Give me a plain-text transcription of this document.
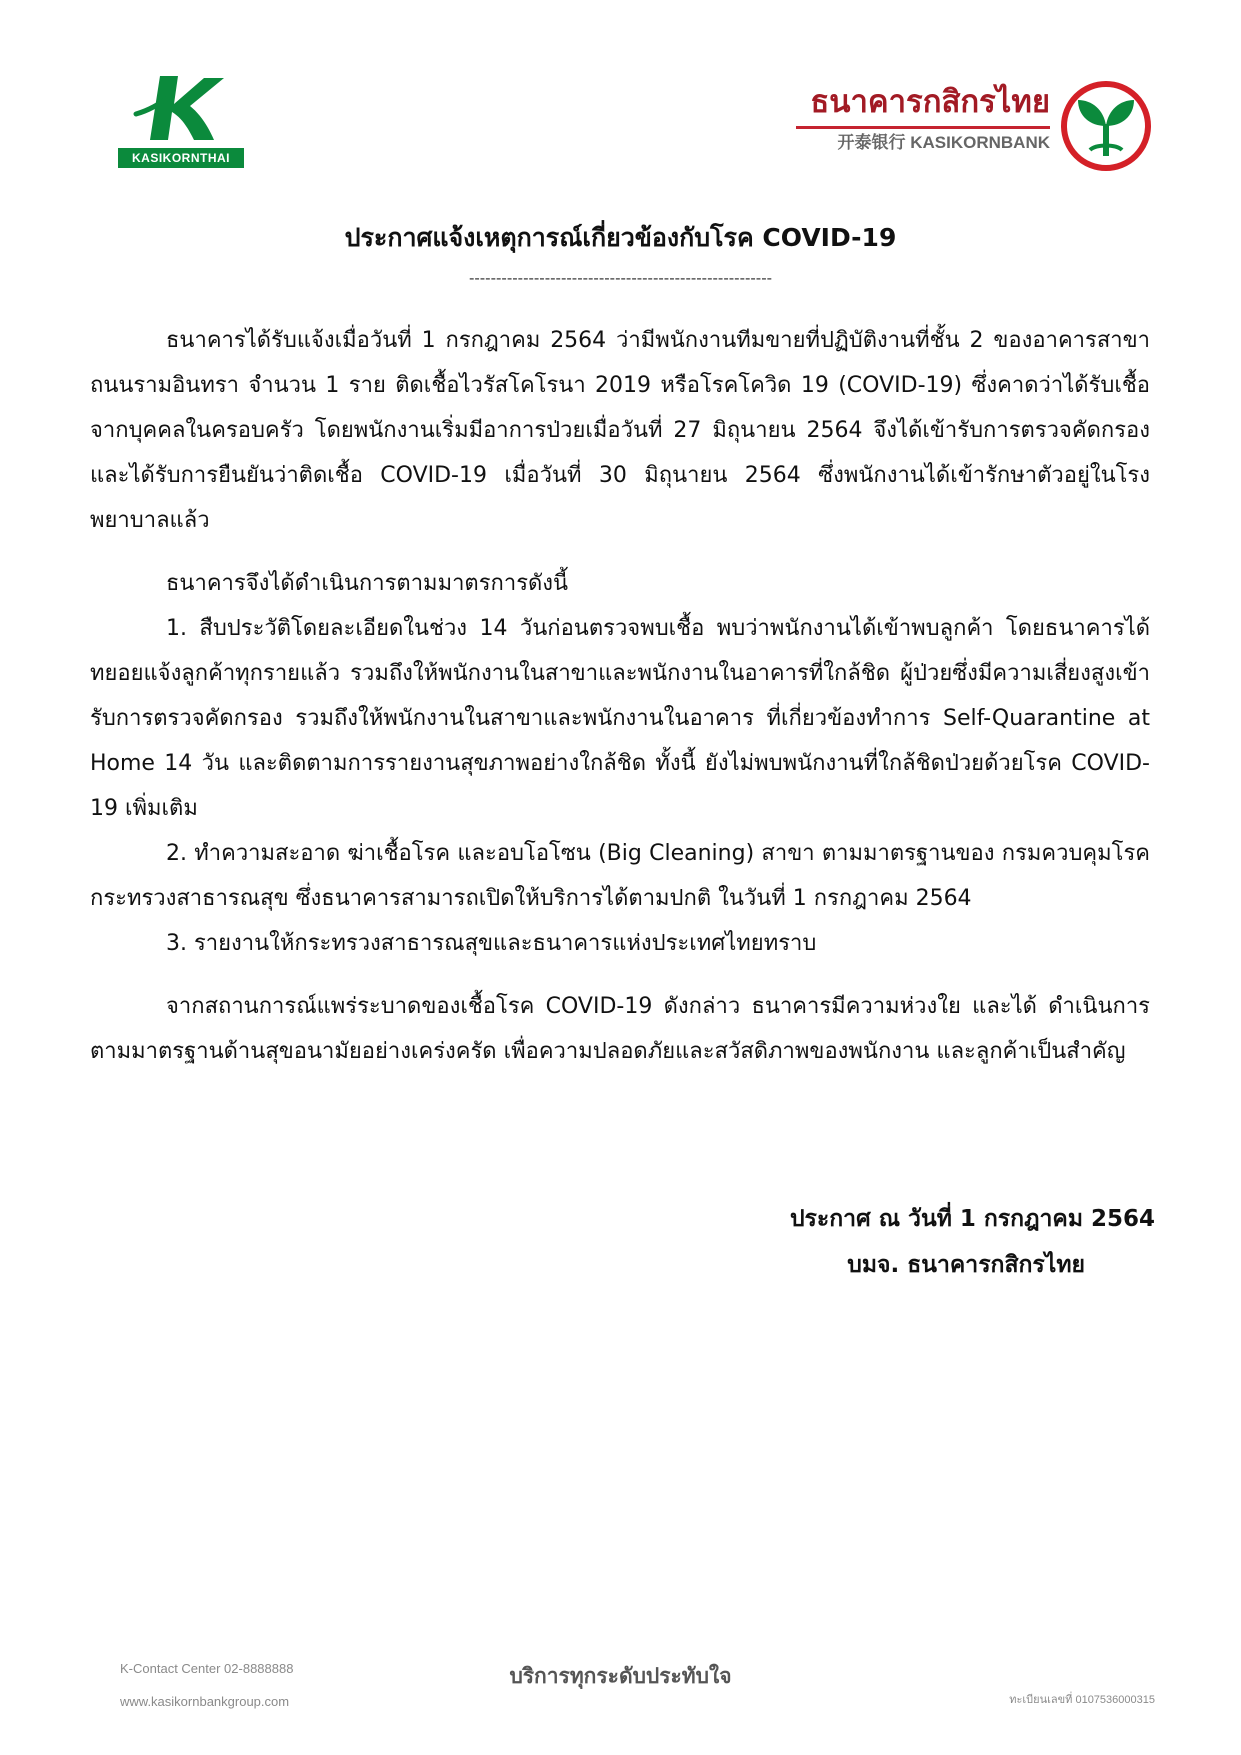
KASIKORNTHAI
ธนาคารกสิกรไทย
开泰银行 KASIKORNBANK
ประกาศแจ้งเหตุการณ์เกี่ยวข้องกับโรค COVID-19
--------------------------------------------------------

ธนาคารได้รับแจ้งเมื่อวันที่ 1 กรกฎาคม 2564 ว่ามีพนักงานทีมขายที่ปฏิบัติงานที่ชั้น 2 ของอาคารสาขาถนนรามอินทรา จำนวน 1 ราย ติดเชื้อไวรัสโคโรนา 2019 หรือโรคโควิด 19 (COVID-19) ซึ่งคาดว่าได้รับเชื้อจากบุคคลในครอบครัว โดยพนักงานเริ่มมีอาการป่วยเมื่อวันที่ 27 มิถุนายน 2564 จึงได้เข้ารับการตรวจคัดกรองและได้รับการยืนยันว่าติดเชื้อ COVID-19 เมื่อวันที่ 30 มิถุนายน 2564 ซึ่งพนักงานได้เข้ารักษาตัวอยู่ในโรงพยาบาลแล้ว

ธนาคารจึงได้ดำเนินการตามมาตรการดังนี้

1. สืบประวัติโดยละเอียดในช่วง 14 วันก่อนตรวจพบเชื้อ พบว่าพนักงานได้เข้าพบลูกค้า โดยธนาคารได้ทยอยแจ้งลูกค้าทุกรายแล้ว รวมถึงให้พนักงานในสาขาและพนักงานในอาคารที่ใกล้ชิด ผู้ป่วยซึ่งมีความเสี่ยงสูงเข้ารับการตรวจคัดกรอง รวมถึงให้พนักงานในสาขาและพนักงานในอาคาร ที่เกี่ยวข้องทำการ Self-Quarantine at Home 14 วัน และติดตามการรายงานสุขภาพอย่างใกล้ชิด ทั้งนี้ ยังไม่พบพนักงานที่ใกล้ชิดป่วยด้วยโรค COVID-19 เพิ่มเติม

2. ทำความสะอาด ฆ่าเชื้อโรค และอบโอโซน (Big Cleaning) สาขา ตามมาตรฐานของ กรมควบคุมโรค กระทรวงสาธารณสุข ซึ่งธนาคารสามารถเปิดให้บริการได้ตามปกติ ในวันที่ 1 กรกฎาคม 2564

3. รายงานให้กระทรวงสาธารณสุขและธนาคารแห่งประเทศไทยทราบ

จากสถานการณ์แพร่ระบาดของเชื้อโรค COVID-19 ดังกล่าว ธนาคารมีความห่วงใย และได้ ดำเนินการตามมาตรฐานด้านสุขอนามัยอย่างเคร่งครัด เพื่อความปลอดภัยและสวัสดิภาพของพนักงาน และลูกค้าเป็นสำคัญ

ประกาศ ณ วันที่ 1 กรกฎาคม 2564
บมจ. ธนาคารกสิกรไทย
K-Contact Center 02-8888888
www.kasikornbankgroup.com
บริการทุกระดับประทับใจ
ทะเบียนเลขที่ 0107536000315
